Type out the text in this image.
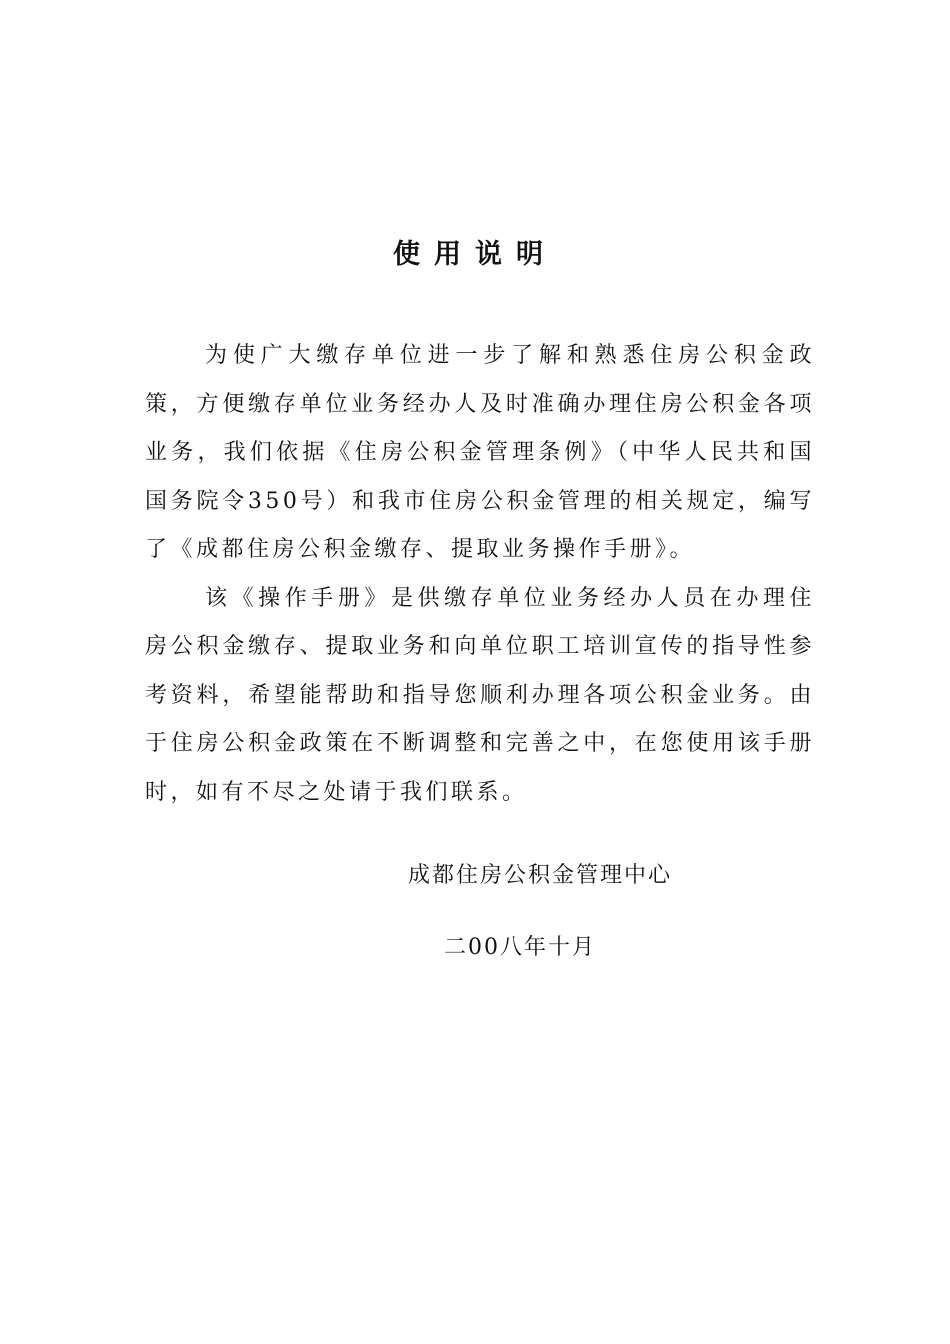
使用说明

为使广大缴存单位进一步了解和熟悉住房公积金政策，方便缴存单位业务经办人及时准确办理住房公积金各项业务，我们依据《住房公积金管理条例》（中华人民共和国国务院令350号）和我市住房公积金管理的相关规定，编写了《成都住房公积金缴存、提取业务操作手册》。

该《操作手册》是供缴存单位业务经办人员在办理住房公积金缴存、提取业务和向单位职工培训宣传的指导性参考资料，希望能帮助和指导您顺利办理各项公积金业务。由于住房公积金政策在不断调整和完善之中，在您使用该手册时，如有不尽之处请于我们联系。

成都住房公积金管理中心
二00八年十月
